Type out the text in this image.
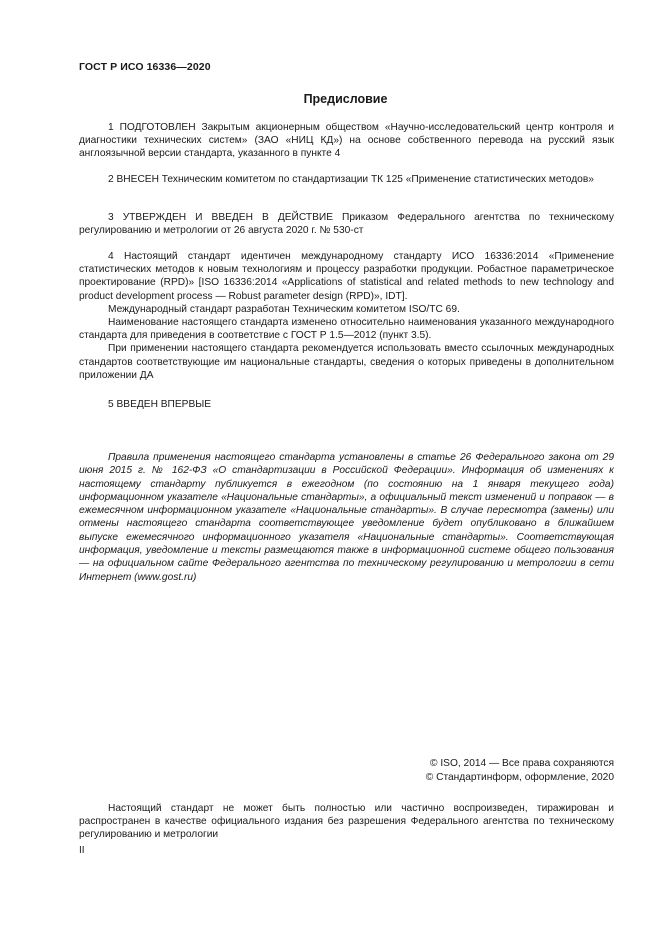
ГОСТ Р ИСО 16336—2020
Предисловие

1 ПОДГОТОВЛЕН Закрытым акционерным обществом «Научно-исследовательский центр контроля и диагностики технических систем» (ЗАО «НИЦ КД») на основе собственного перевода на русский язык англоязычной версии стандарта, указанного в пункте 4

2 ВНЕСЕН Техническим комитетом по стандартизации ТК 125 «Применение статистических методов»

3 УТВЕРЖДЕН И ВВЕДЕН В ДЕЙСТВИЕ Приказом Федерального агентства по техническому регулированию и метрологии от 26 августа 2020 г. № 530-ст

4 Настоящий стандарт идентичен международному стандарту ИСО 16336:2014 «Применение статистических методов к новым технологиям и процессу разработки продукции. Робастное параметрическое проектирование (RPD)» [ISO 16336:2014 «Applications of statistical and related methods to new technology and product development process — Robust parameter design (RPD)», IDT].

Международный стандарт разработан Техническим комитетом ISO/TC 69.

Наименование настоящего стандарта изменено относительно наименования указанного международного стандарта для приведения в соответствие с ГОСТ Р 1.5—2012 (пункт 3.5).

При применении настоящего стандарта рекомендуется использовать вместо ссылочных международных стандартов соответствующие им национальные стандарты, сведения о которых приведены в дополнительном приложении ДА

5 ВВЕДЕН ВПЕРВЫЕ

Правила применения настоящего стандарта установлены в статье 26 Федерального закона от 29 июня 2015 г. № 162-ФЗ «О стандартизации в Российской Федерации». Информация об изменениях к настоящему стандарту публикуется в ежегодном (по состоянию на 1 января текущего года) информационном указателе «Национальные стандарты», а официальный текст изменений и поправок — в ежемесячном информационном указателе «Национальные стандарты». В случае пересмотра (замены) или отмены настоящего стандарта соответствующее уведомление будет опубликовано в ближайшем выпуске ежемесячного информационного указателя «Национальные стандарты». Соответствующая информация, уведомление и тексты размещаются также в информационной системе общего пользования — на официальном сайте Федерального агентства по техническому регулированию и метрологии в сети Интернет (www.gost.ru)

© ISO, 2014 — Все права сохраняются
© Стандартинформ, оформление, 2020

Настоящий стандарт не может быть полностью или частично воспроизведен, тиражирован и распространен в качестве официального издания без разрешения Федерального агентства по техническому регулированию и метрологии

II
